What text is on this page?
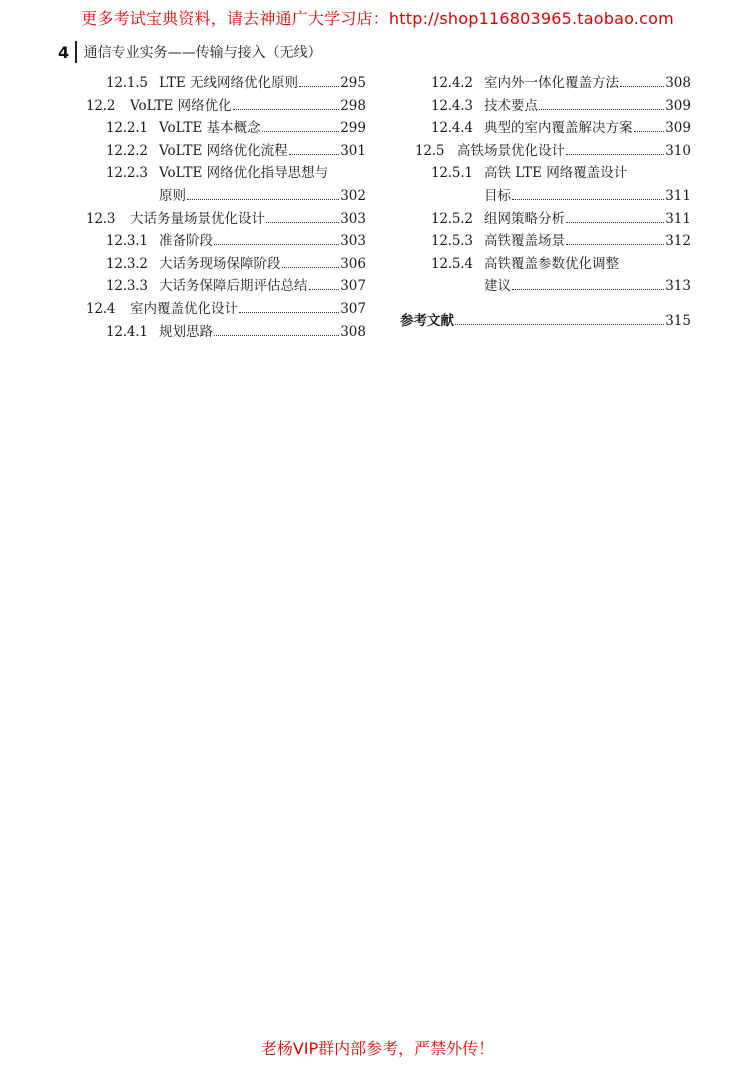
更多考试宝典资料，请去神通广大学习店：http://shop116803965.taobao.com
4 通信专业实务——传输与接入（无线）
12.1.5 LTE 无线网络优化原则	295
12.2 VoLTE 网络优化	298
12.2.1 VoLTE 基本概念	299
12.2.2 VoLTE 网络优化流程	301
12.2.3 VoLTE 网络优化指导思想与
原则	302
12.3 大话务量场景优化设计	303
12.3.1 准备阶段	303
12.3.2 大话务现场保障阶段	306
12.3.3 大话务保障后期评估总结 307
12.4 室内覆盖优化设计	307
12.4.1 规划思路	308
12.4.2 室内外一体化覆盖方法	308
12.4.3 技术要点	309
12.4.4 典型的室内覆盖解决方案 309
12.5 高铁场景优化设计	310
12.5.1 高铁 LTE 网络覆盖设计
目标	311
12.5.2 组网策略分析	311
12.5.3 高铁覆盖场景	312
12.5.4 高铁覆盖参数优化调整
建议	313
参考文献	315
老杨VIP群内部参考，严禁外传！
